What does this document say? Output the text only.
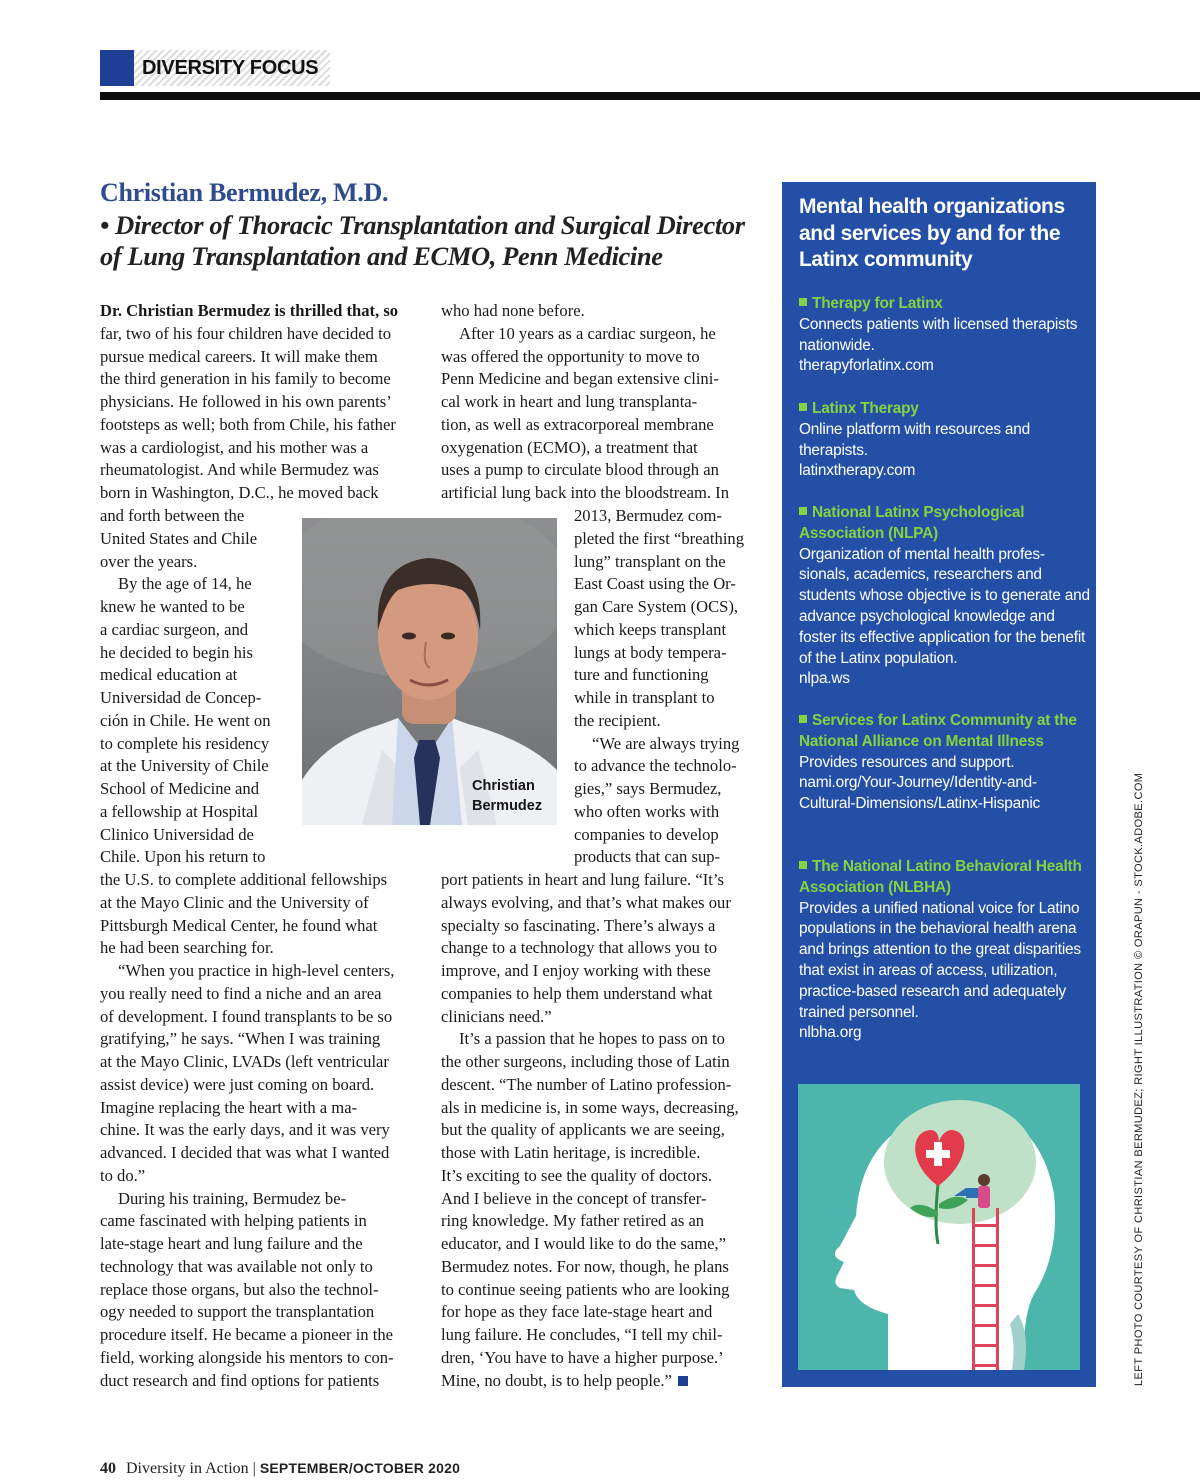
DIVERSITY FOCUS
Christian Bermudez, M.D.
• Director of Thoracic Transplantation and Surgical Director of Lung Transplantation and ECMO, Penn Medicine

Dr. Christian Bermudez is thrilled that, so far, two of his four children have decided to
pursue medical careers. It will make them
the third generation in his family to become
physicians. He followed in his own parents’
footsteps as well; both from Chile, his father
was a cardiologist, and his mother was a
rheumatologist. And while Bermudez was
born in Washington, D.C., he moved back

and forth between the
United States and Chile
over the years.

By the age of 14, he
knew he wanted to be
a cardiac surgeon, and
he decided to begin his
medical education at
Universidad de Concep-
ción in Chile. He went on
to complete his residency
at the University of Chile
School of Medicine and
a fellowship at Hospital
Clinico Universidad de
Chile. Upon his return to

the U.S. to complete additional fellowships
at the Mayo Clinic and the University of
Pittsburgh Medical Center, he found what
he had been searching for.

“When you practice in high-level centers,
you really need to find a niche and an area
of development. I found transplants to be so
gratifying,” he says. “When I was training
at the Mayo Clinic, LVADs (left ventricular
assist device) were just coming on board.
Imagine replacing the heart with a ma-
chine. It was the early days, and it was very
advanced. I decided that was what I wanted
to do.”

During his training, Bermudez be-
came fascinated with helping patients in
late-stage heart and lung failure and the
technology that was available not only to
replace those organs, but also the technol-
ogy needed to support the transplantation
procedure itself. He became a pioneer in the
field, working alongside his mentors to con-
duct research and find options for patients

who had none before.

After 10 years as a cardiac surgeon, he
was offered the opportunity to move to
Penn Medicine and began extensive clini-
cal work in heart and lung transplanta-
tion, as well as extracorporeal membrane
oxygenation (ECMO), a treatment that
uses a pump to circulate blood through an
artificial lung back into the bloodstream. In

2013, Bermudez com-
pleted the first “breathing
lung” transplant on the
East Coast using the Or-
gan Care System (OCS),
which keeps transplant
lungs at body tempera-
ture and functioning
while in transplant to
the recipient.

“We are always trying
to advance the technolo-
gies,” says Bermudez,
who often works with
companies to develop
products that can sup-

port patients in heart and lung failure. “It’s
always evolving, and that’s what makes our
specialty so fascinating. There’s always a
change to a technology that allows you to
improve, and I enjoy working with these
companies to help them understand what
clinicians need.”

It’s a passion that he hopes to pass on to
the other surgeons, including those of Latin
descent. “The number of Latino profession-
als in medicine is, in some ways, decreasing,
but the quality of applicants we are seeing,
those with Latin heritage, is incredible.
It’s exciting to see the quality of doctors.
And I believe in the concept of transfer-
ring knowledge. My father retired as an
educator, and I would like to do the same,”
Bermudez notes. For now, though, he plans
to continue seeing patients who are looking
for hope as they face late-stage heart and
lung failure. He concludes, “I tell my chil-
dren, ‘You have to have a higher purpose.’
Mine, no doubt, is to help people.”

Christian
Bermudez
Mental health organizations and services by and for the Latinx community
Therapy for Latinx
Connects patients with licensed therapists nationwide.
therapyforlatinx.com
Latinx Therapy
Online platform with resources and therapists.
latinxtherapy.com
National Latinx Psychological Association (NLPA)
Organization of mental health profes-sionals, academics, researchers and students whose objective is to generate and advance psychological knowledge and foster its effective application for the benefit of the Latinx population.
nlpa.ws
Services for Latinx Community at the National Alliance on Mental Illness
Provides resources and support.
nami.org/Your-Journey/Identity-and-Cultural-Dimensions/Latinx-Hispanic
The National Latino Behavioral Health Association (NLBHA)
Provides a unified national voice for Latino populations in the behavioral health arena and brings attention to the great disparities that exist in areas of access, utilization, practice-based research and adequately trained personnel.
nlbha.org	LEFT PHOTO COURTESY OF CHRISTIAN BERMUDEZ; RIGHT ILLUSTRATION © ORAPUN - STOCK.ADOBE.COM
40 Diversity in Action | SEPTEMBER/OCTOBER 2020
